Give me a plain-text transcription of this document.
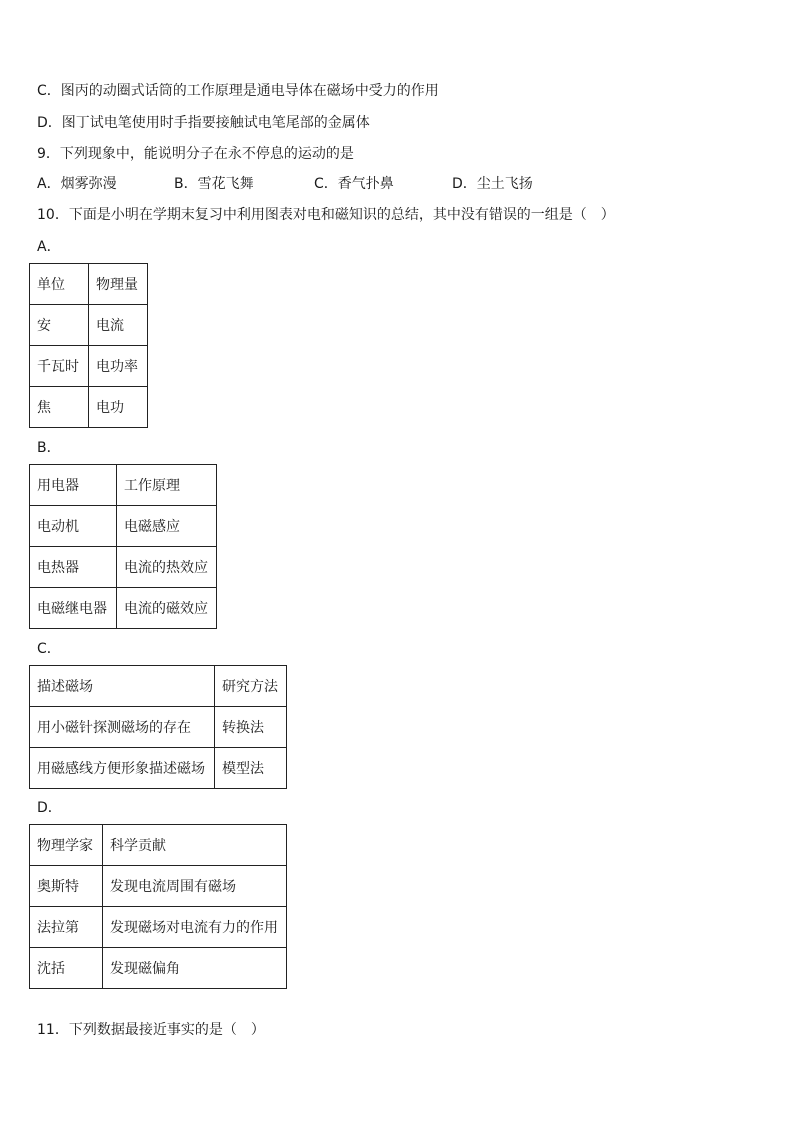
C．图丙的动圈式话筒的工作原理是通电导体在磁场中受力的作用
D．图丁试电笔使用时手指要接触试电笔尾部的金属体
9．下列现象中，能说明分子在永不停息的运动的是
A．烟雾弥漫	B．雪花飞舞	C．香气扑鼻	D．尘土飞扬
10．下面是小明在学期末复习中利用图表对电和磁知识的总结，其中没有错误的一组是（　）
A．
单位	物理量
安	电流
千瓦时	电功率
焦	电功
B．
用电器	工作原理
电动机	电磁感应
电热器	电流的热效应
电磁继电器	电流的磁效应
C．
描述磁场	研究方法
用小磁针探测磁场的存在	转换法
用磁感线方便形象描述磁场	模型法
D．
物理学家	科学贡献
奥斯特	发现电流周围有磁场
法拉第	发现磁场对电流有力的作用
沈括	发现磁偏角
11．下列数据最接近事实的是（　）
